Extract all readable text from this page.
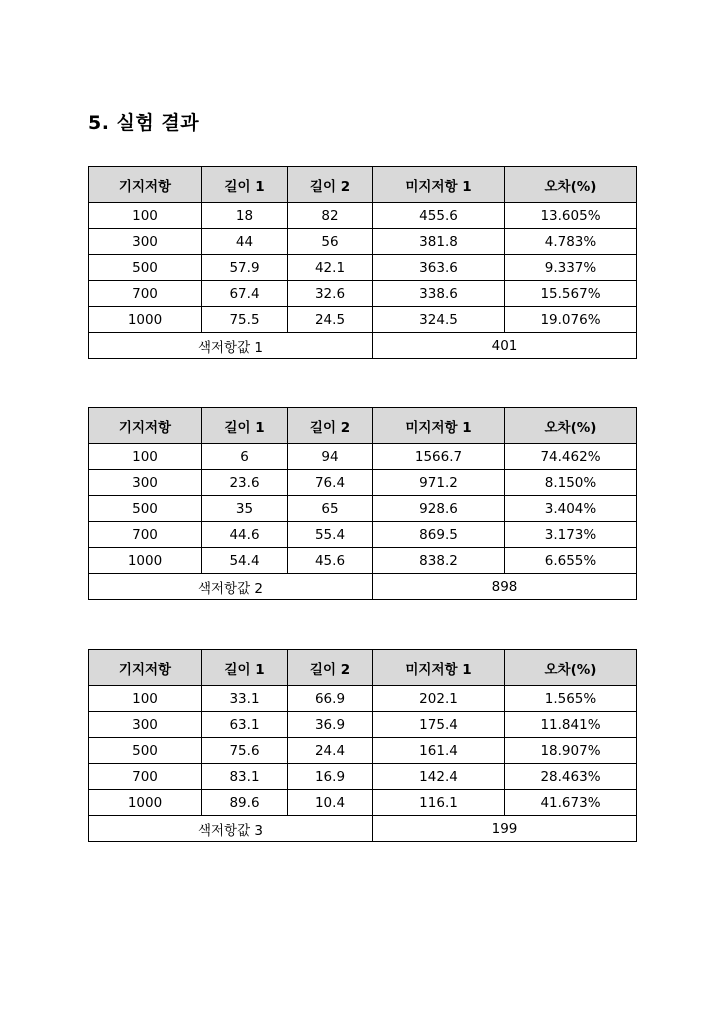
5. 실험 결과
기지저항	길이 1	길이 2	미지저항 1	오차(%)
100	18	82	455.6	13.605%
300	44	56	381.8	4.783%
500	57.9	42.1	363.6	9.337%
700	67.4	32.6	338.6	15.567%
1000	75.5	24.5	324.5	19.076%
색저항값 1			401	
기지저항	길이 1	길이 2	미지저항 1	오차(%)
100	6	94	1566.7	74.462%
300	23.6	76.4	971.2	8.150%
500	35	65	928.6	3.404%
700	44.6	55.4	869.5	3.173%
1000	54.4	45.6	838.2	6.655%
색저항값 2			898	
기지저항	길이 1	길이 2	미지저항 1	오차(%)
100	33.1	66.9	202.1	1.565%
300	63.1	36.9	175.4	11.841%
500	75.6	24.4	161.4	18.907%
700	83.1	16.9	142.4	28.463%
1000	89.6	10.4	116.1	41.673%
색저항값 3			199	
